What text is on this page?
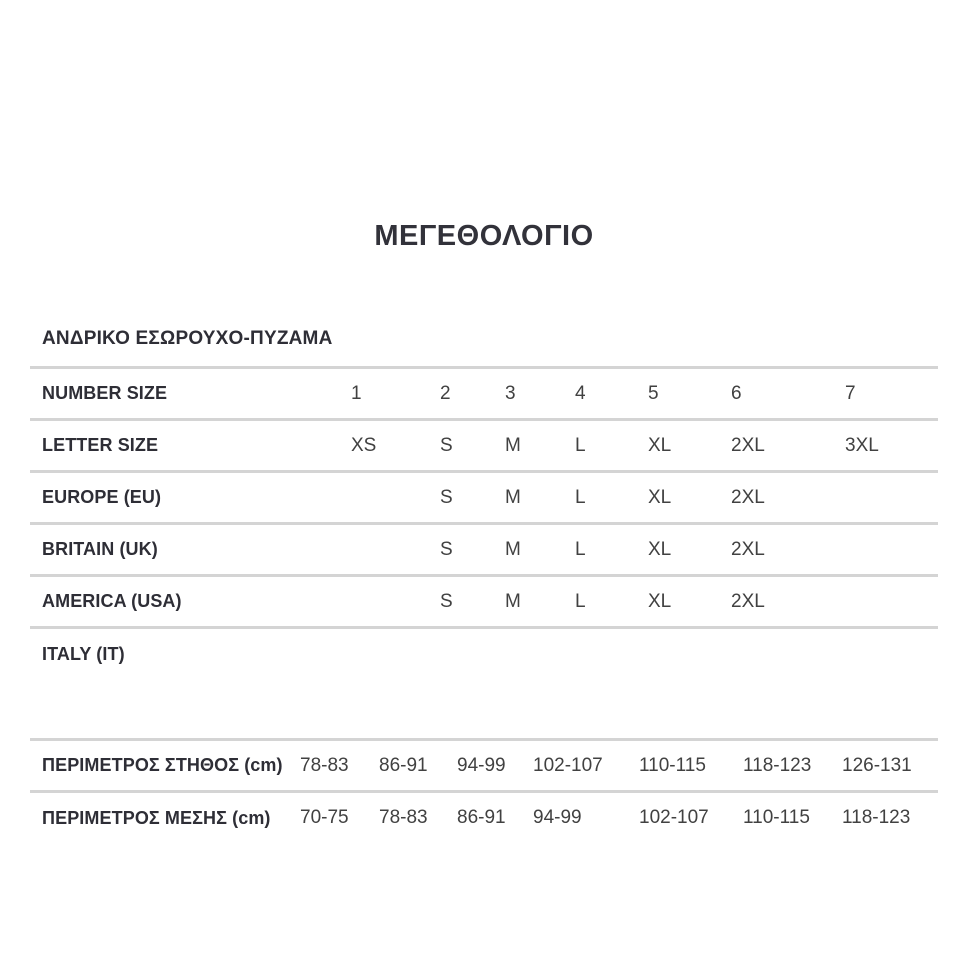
ΜΕΓΕΘΟΛΟΓΙΟ
ΑΝΔΡΙΚΟ ΕΣΩΡΟΥΧΟ-ΠΥΖΑΜΑ
NUMBER SIZE	1	2	3	4	5	6	7
LETTER SIZE	XS	S	M	L	XL	2XL	3XL
EUROPE (EU)		S	M	L	XL	2XL	
BRITAIN (UK)		S	M	L	XL	2XL	
AMERICA (USA)		S	M	L	XL	2XL	
ITALY (IT)							
ΠΕΡΙΜΕΤΡΟΣ ΣΤΗΘΟΣ (cm)	78-83	86-91	94-99	102-107	110-115	118-123	126-131
ΠΕΡΙΜΕΤΡΟΣ ΜΕΣΗΣ (cm)	70-75	78-83	86-91	94-99	102-107	110-115	118-123
